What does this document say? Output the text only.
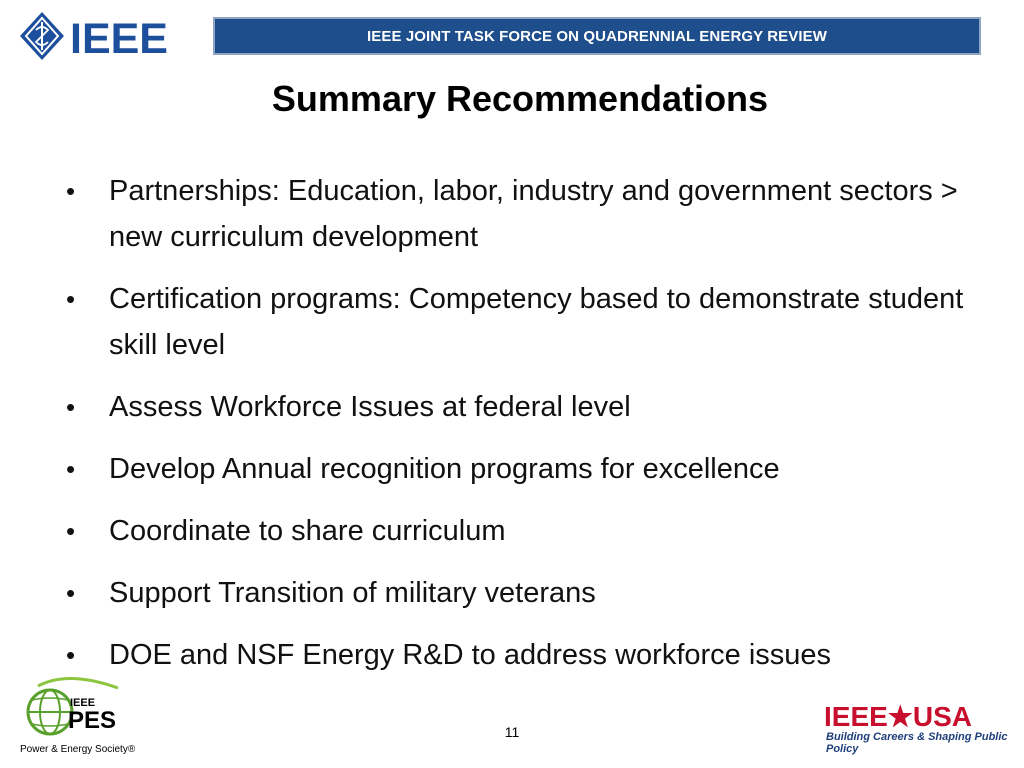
IEEE	IEEE JOINT TASK FORCE ON QUADRENNIAL ENERGY REVIEW
Summary Recommendations
• Partnerships: Education, labor, industry and government sectors > new curriculum development
• Certification programs: Competency based to demonstrate student skill level
• Assess Workforce Issues at federal level
• Develop Annual recognition programs for excellence
• Coordinate to share curriculum
• Support Transition of military veterans
• DOE and NSF Energy R&D to address workforce issues
IEEE
PES
Power & Energy Society®
11	IEEE★USA
Building Careers & Shaping Public Policy
